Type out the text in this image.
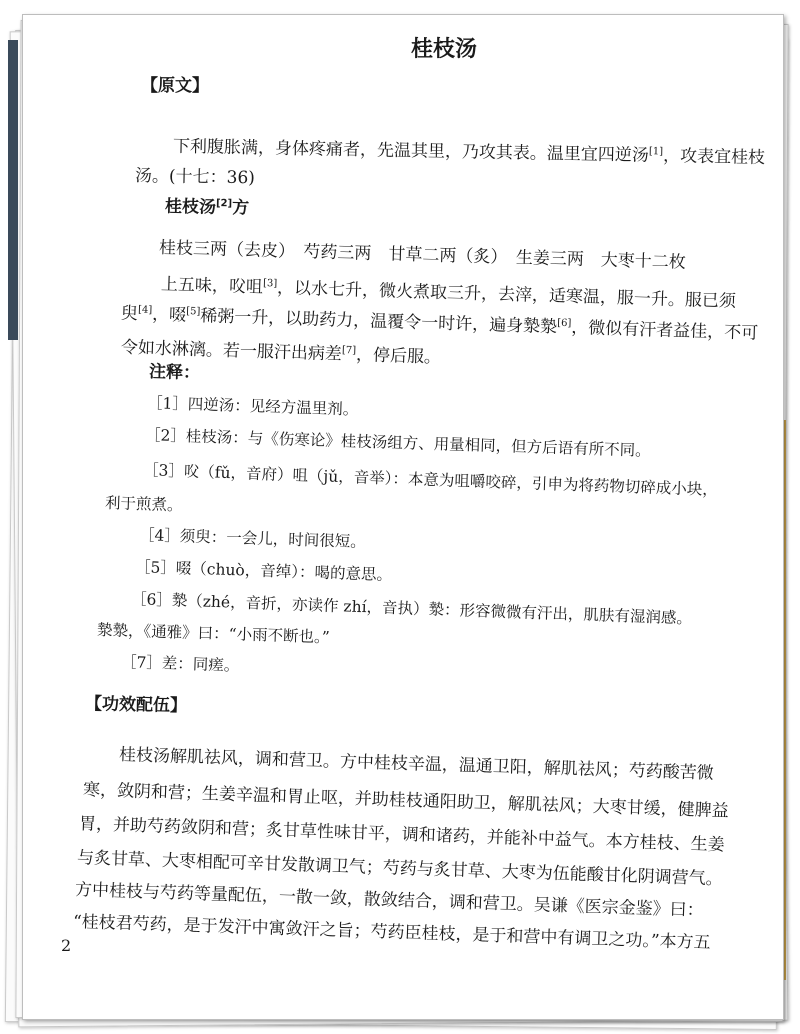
桂枝汤
【原文】
下利腹胀满，身体疼痛者，先温其里，乃攻其表。温里宜四逆汤[1]，攻表宜桂枝
汤。(十七：36)
桂枝汤[2]方
桂枝三两（去皮）　芍药三两　甘草二两（炙）　生姜三两　大枣十二枚
上五味，㕮咀[3]，以水七升，微火煮取三升，去滓，适寒温，服一升。服已须
臾[4]，啜[5]稀粥一升，以助药力，温覆令一时许，遍身漐漐[6]，微似有汗者益佳，不可
令如水淋漓。若一服汗出病差[7]，停后服。
注释：
［1］四逆汤：见经方温里剂。
［2］桂枝汤：与《伤寒论》桂枝汤组方、用量相同，但方后语有所不同。
［3］㕮（fǔ，音府）咀（jǔ，音举）：本意为咀嚼咬碎，引申为将药物切碎成小块，
利于煎煮。
［4］须臾：一会儿，时间很短。
［5］啜（chuò，音绰）：喝的意思。
［6］漐（zhé，音折，亦读作 zhí，音执）漐：形容微微有汗出，肌肤有湿润感。
漐漐，《通雅》曰：“小雨不断也。”
［7］差：同瘥。
【功效配伍】
桂枝汤解肌祛风，调和营卫。方中桂枝辛温，温通卫阳，解肌祛风；芍药酸苦微
寒，敛阴和营；生姜辛温和胃止呕，并助桂枝通阳助卫，解肌祛风；大枣甘缓，健脾益
胃，并助芍药敛阴和营；炙甘草性味甘平，调和诸药，并能补中益气。本方桂枝、生姜
与炙甘草、大枣相配可辛甘发散调卫气；芍药与炙甘草、大枣为伍能酸甘化阴调营气。
方中桂枝与芍药等量配伍，一散一敛，散敛结合，调和营卫。吴谦《医宗金鉴》曰：
“桂枝君芍药，是于发汗中寓敛汗之旨；芍药臣桂枝，是于和营中有调卫之功。”本方五
2
